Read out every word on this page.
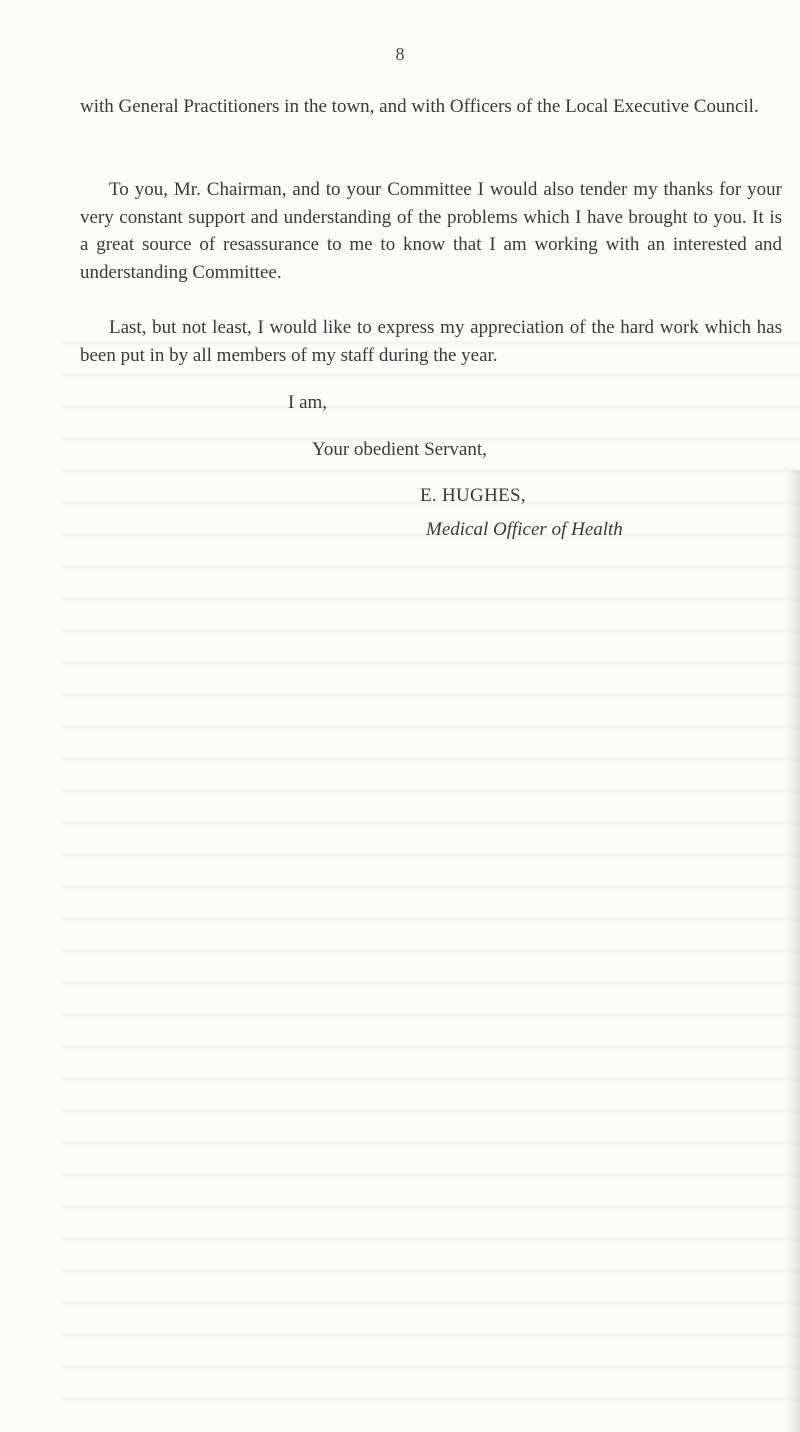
8

with General Practitioners in the town, and with Officers of the Local Executive Council.

To you, Mr. Chairman, and to your Committee I would also tender my thanks for your very constant support and understanding of the problems which I have brought to you. It is a great source of resassurance to me to know that I am working with an interested and understanding Committee.

Last, but not least, I would like to express my appreciation of the hard work which has been put in by all members of my staff during the year.

I am,
Your obedient Servant,
E. HUGHES,
Medical Officer of Health
